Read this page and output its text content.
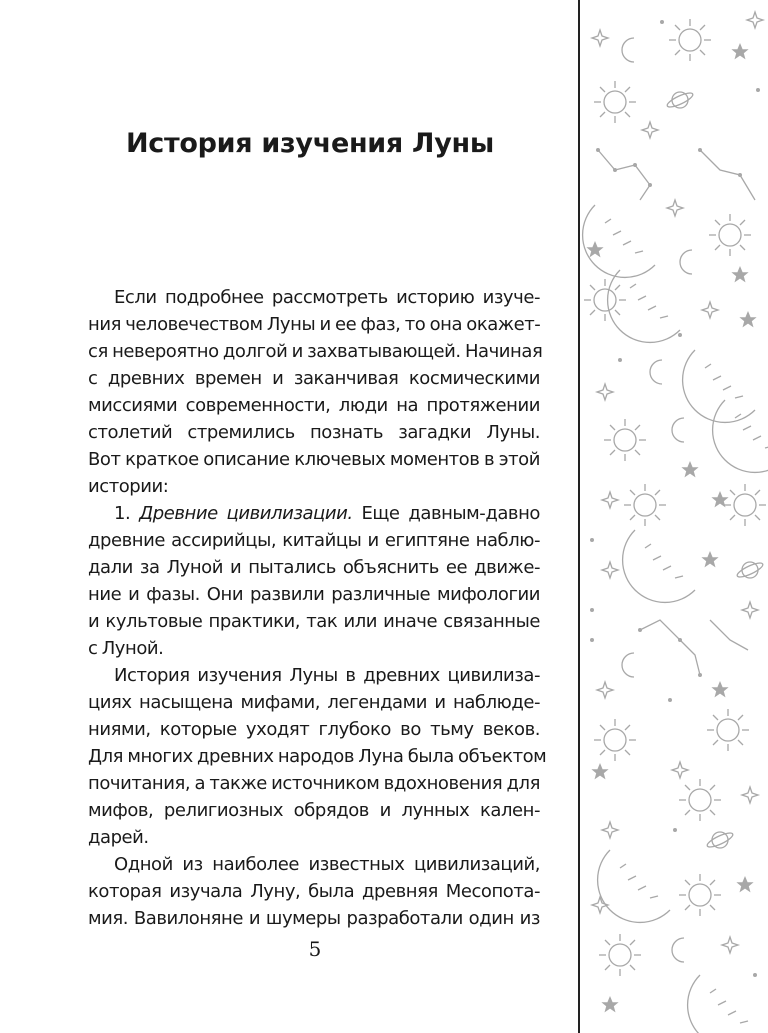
История изучения Луны
Если подробнее рассмотреть историю изуче-
ния человечеством Луны и ее фаз, то она окажет-
ся невероятно долгой и захватывающей. Начиная
с древних времен и заканчивая космическими
миссиями современности, люди на протяжении
столетий стремились познать загадки Луны.
Вот краткое описание ключевых моментов в этой
истории:
1. Древние цивилизации. Еще давным-давно
древние ассирийцы, китайцы и египтяне наблю-
дали за Луной и пытались объяснить ее движе-
ние и фазы. Они развили различные мифологии
и культовые практики, так или иначе связанные
с Луной.
История изучения Луны в древних цивилиза-
циях насыщена мифами, легендами и наблюде-
ниями, которые уходят глубоко во тьму веков.
Для многих древних народов Луна была объектом
почитания, а также источником вдохновения для
мифов, религиозных обрядов и лунных кален-
дарей.
Одной из наиболее известных цивилизаций,
которая изучала Луну, была древняя Месопота-
мия. Вавилоняне и шумеры разработали один из
5
